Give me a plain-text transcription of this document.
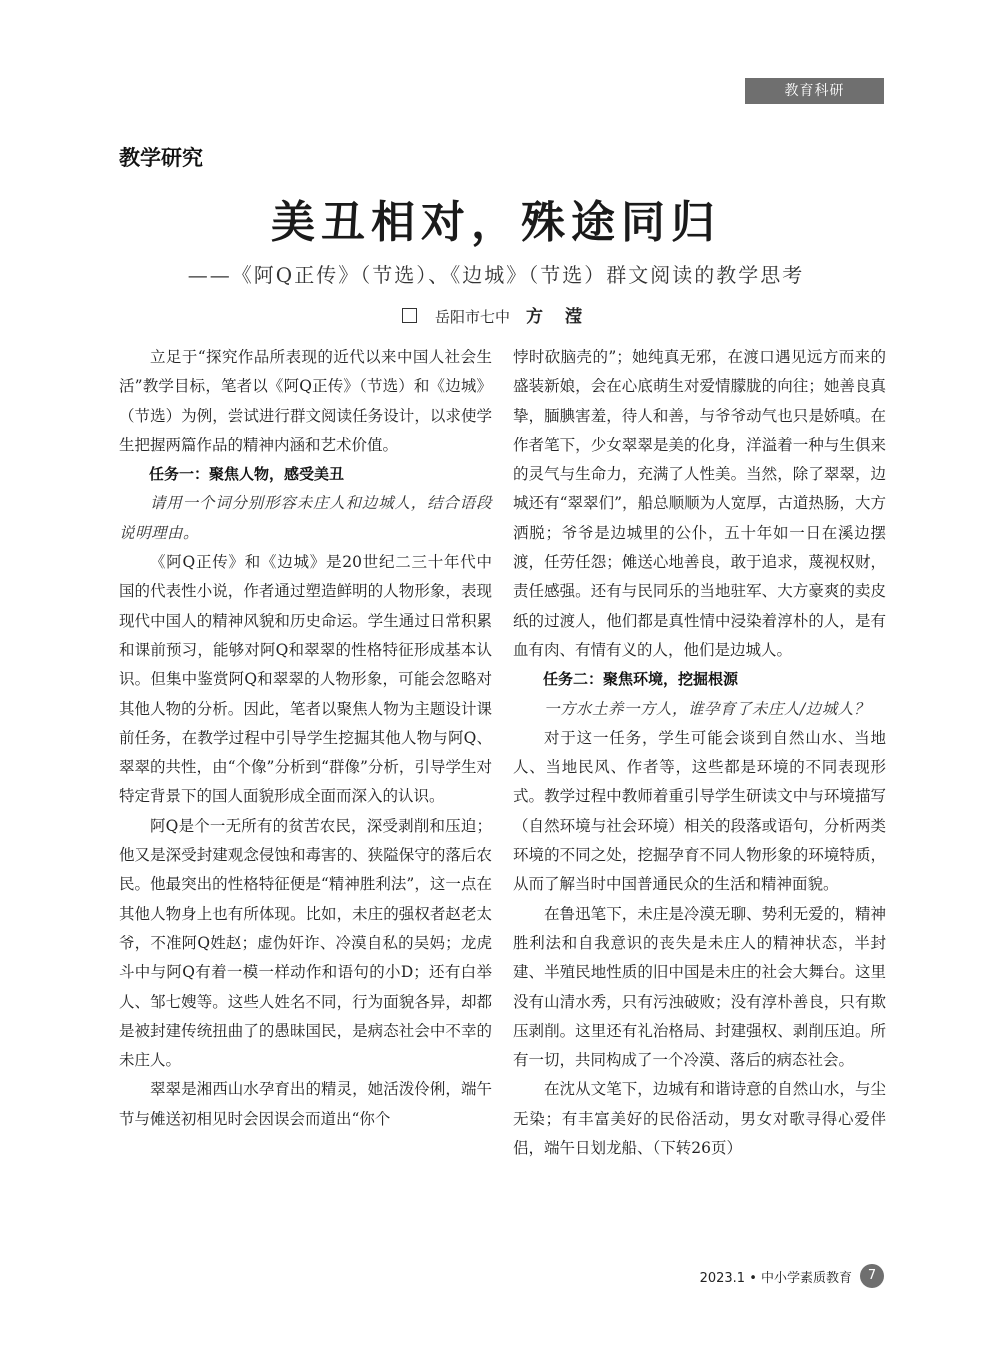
教育科研
教学研究
美丑相对，殊途同归
——《阿Q正传》（节选）、《边城》（节选）群文阅读的教学思考
岳阳市七中 方 滢

立足于“探究作品所表现的近代以来中国人社会生活”教学目标，笔者以《阿Q正传》（节选）和《边城》（节选）为例，尝试进行群文阅读任务设计，以求使学生把握两篇作品的精神内涵和艺术价值。

任务一：聚焦人物，感受美丑

请用一个词分别形容未庄人和边城人，结合语段说明理由。

《阿Q正传》和《边城》是20世纪二三十年代中国的代表性小说，作者通过塑造鲜明的人物形象，表现现代中国人的精神风貌和历史命运。学生通过日常积累和课前预习，能够对阿Q和翠翠的性格特征形成基本认识。但集中鉴赏阿Q和翠翠的人物形象，可能会忽略对其他人物的分析。因此，笔者以聚焦人物为主题设计课前任务，在教学过程中引导学生挖掘其他人物与阿Q、翠翠的共性，由“个像”分析到“群像”分析，引导学生对特定背景下的国人面貌形成全面而深入的认识。

阿Q是个一无所有的贫苦农民，深受剥削和压迫；他又是深受封建观念侵蚀和毒害的、狭隘保守的落后农民。他最突出的性格特征便是“精神胜利法”，这一点在其他人物身上也有所体现。比如，未庄的强权者赵老太爷，不准阿Q姓赵；虚伪奸诈、冷漠自私的吴妈；龙虎斗中与阿Q有着一模一样动作和语句的小D；还有白举人、邹七嫂等。这些人姓名不同，行为面貌各异，却都是被封建传统扭曲了的愚昧国民，是病态社会中不幸的未庄人。

翠翠是湘西山水孕育出的精灵，她活泼伶俐，端午节与傩送初相见时会因误会而道出“你个

悖时砍脑壳的”；她纯真无邪，在渡口遇见远方而来的盛装新娘，会在心底萌生对爱情朦胧的向往；她善良真挚，腼腆害羞，待人和善，与爷爷动气也只是娇嗔。在作者笔下，少女翠翠是美的化身，洋溢着一种与生俱来的灵气与生命力，充满了人性美。当然，除了翠翠，边城还有“翠翠们”，船总顺顺为人宽厚，古道热肠，大方洒脱；爷爷是边城里的公仆，五十年如一日在溪边摆渡，任劳任怨；傩送心地善良，敢于追求，蔑视权财，责任感强。还有与民同乐的当地驻军、大方豪爽的卖皮纸的过渡人，他们都是真性情中浸染着淳朴的人，是有血有肉、有情有义的人，他们是边城人。

任务二：聚焦环境，挖掘根源

一方水土养一方人，谁孕育了未庄人/边城人？

对于这一任务，学生可能会谈到自然山水、当地人、当地民风、作者等，这些都是环境的不同表现形式。教学过程中教师着重引导学生研读文中与环境描写（自然环境与社会环境）相关的段落或语句，分析两类环境的不同之处，挖掘孕育不同人物形象的环境特质，从而了解当时中国普通民众的生活和精神面貌。

在鲁迅笔下，未庄是冷漠无聊、势利无爱的，精神胜利法和自我意识的丧失是未庄人的精神状态，半封建、半殖民地性质的旧中国是未庄的社会大舞台。这里没有山清水秀，只有污浊破败；没有淳朴善良，只有欺压剥削。这里还有礼治格局、封建强权、剥削压迫。所有一切，共同构成了一个冷漠、落后的病态社会。

在沈从文笔下，边城有和谐诗意的自然山水，与尘无染；有丰富美好的民俗活动，男女对歌寻得心爱伴侣，端午日划龙船、（下转26页）

2023.1 • 中小学素质教育	7
